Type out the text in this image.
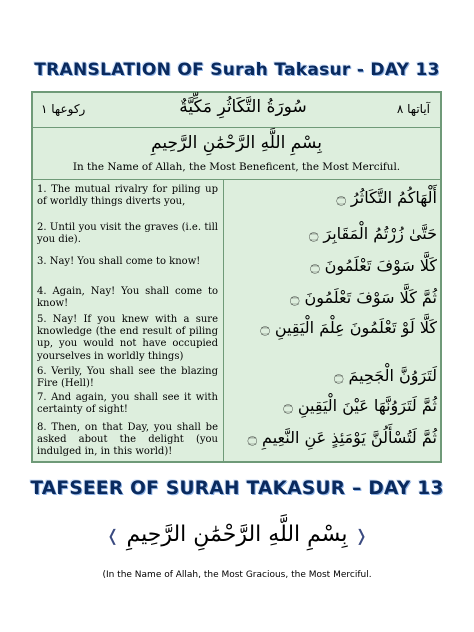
TRANSLATION OF Surah Takasur - DAY 13
ركوعها ١	سُورَةُ التَّكَاثُرِ مَكِّيَّةٌ	آياتها ٨
بِسْمِ اللَّهِ الرَّحْمَٰنِ الرَّحِيمِ
In the Name of Allah, the Most Beneficent, the Most Merciful.
1. The mutual rivalry for piling up of worldly things diverts you,
2. Until you visit the graves (i.e. till you die).
3. Nay! You shall come to know!
4. Again, Nay! You shall come to know!
5. Nay! If you knew with a sure knowledge (the end result of piling up, you would not have occupied yourselves in worldly things)
6. Verily, You shall see the blazing Fire (Hell)!
7. And again, you shall see it with certainty of sight!
8. Then, on that Day, you shall be asked about the delight (you indulged in, in this world)!
أَلْهَاكُمُ التَّكَاثُرُ ۝
حَتَّىٰ زُرْتُمُ الْمَقَابِرَ ۝
كَلَّا سَوْفَ تَعْلَمُونَ ۝
ثُمَّ كَلَّا سَوْفَ تَعْلَمُونَ ۝
كَلَّا لَوْ تَعْلَمُونَ عِلْمَ الْيَقِينِ ۝
لَتَرَوُنَّ الْجَحِيمَ ۝
ثُمَّ لَتَرَوُنَّهَا عَيْنَ الْيَقِينِ ۝
ثُمَّ لَتُسْأَلُنَّ يَوْمَئِذٍ عَنِ النَّعِيمِ ۝
TAFSEER OF SURAH TAKASUR – DAY 13
❬ بِسْمِ اللَّهِ الرَّحْمَٰنِ الرَّحِيمِ ❭
(In the Name of Allah, the Most Gracious, the Most Merciful.
